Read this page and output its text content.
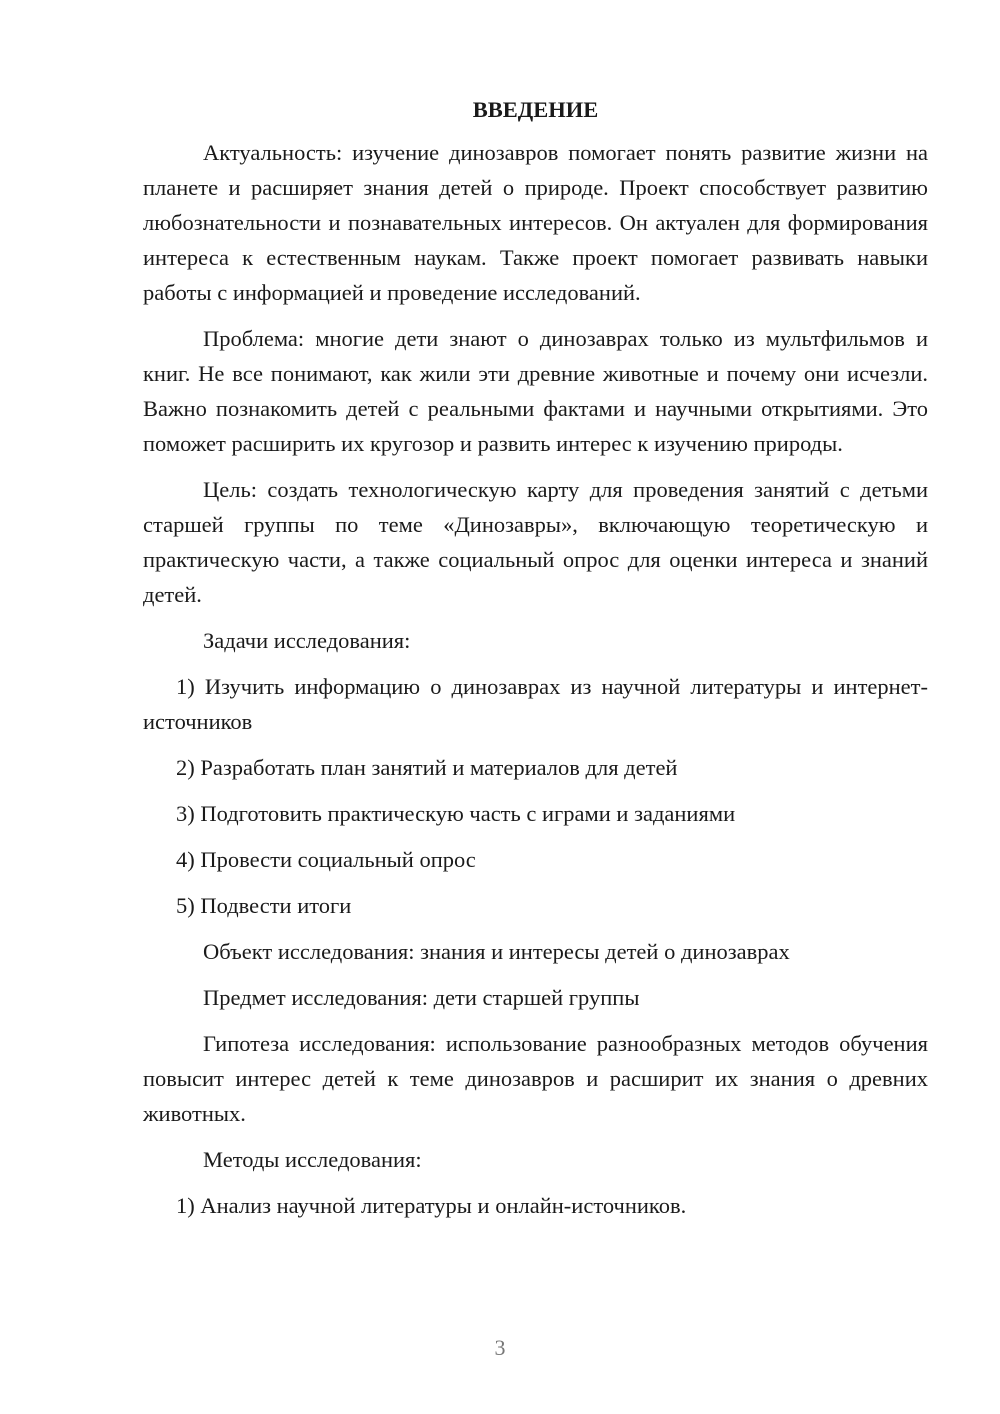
ВВЕДЕНИЕ

Актуальность: изучение динозавров помогает понять развитие жизни на планете и расширяет знания детей о природе. Проект способствует развитию любознательности и познавательных интересов. Он актуален для формирования интереса к естественным наукам. Также проект помогает развивать навыки работы с информацией и проведение исследований.

Проблема: многие дети знают о динозаврах только из мультфильмов и книг. Не все понимают, как жили эти древние животные и почему они исчезли. Важно познакомить детей с реальными фактами и научными открытиями. Это поможет расширить их кругозор и развить интерес к изучению природы.

Цель: создать технологическую карту для проведения занятий с детьми старшей группы по теме «Динозавры», включающую теоретическую и практическую части, а также социальный опрос для оценки интереса и знаний детей.

Задачи исследования:

1) Изучить информацию о динозаврах из научной литературы и интернет-источников

2) Разработать план занятий и материалов для детей

3) Подготовить практическую часть с играми и заданиями

4) Провести социальный опрос

5) Подвести итоги

Объект исследования: знания и интересы детей о динозаврах

Предмет исследования: дети старшей группы

Гипотеза исследования: использование разнообразных методов обучения повысит интерес детей к теме динозавров и расширит их знания о древних животных.

Методы исследования:

1) Анализ научной литературы и онлайн-источников.

3
